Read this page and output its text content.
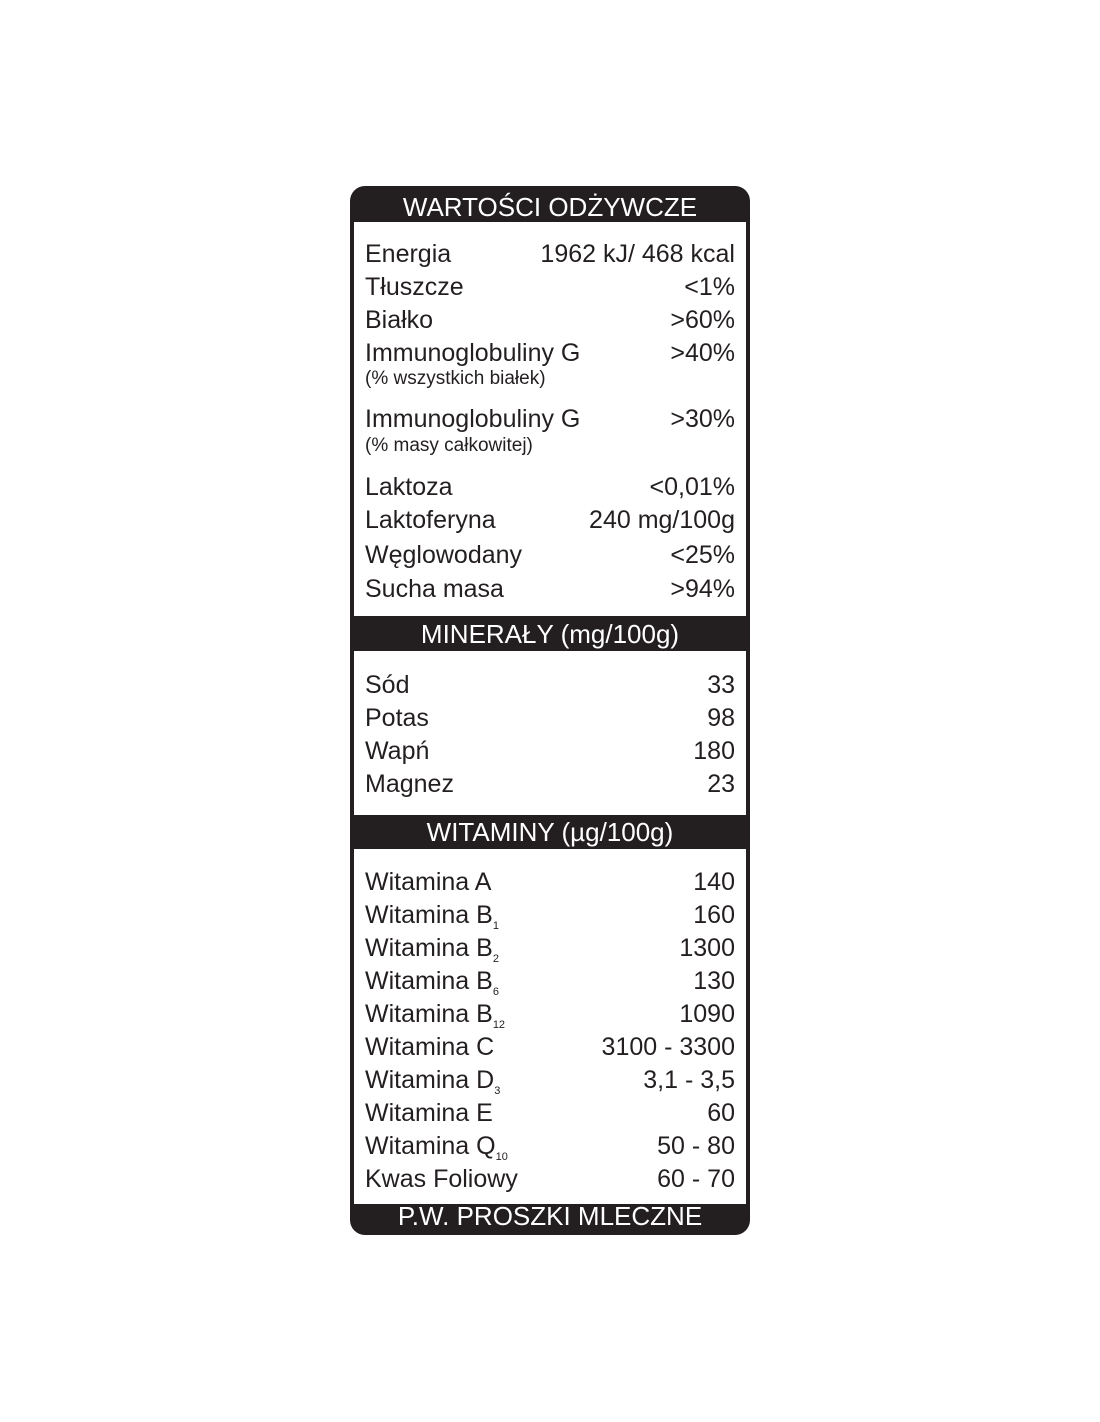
WARTOŚCI ODŻYWCZE
Energia	1962 kJ/ 468 kcal
Tłuszcze	<1%
Białko	>60%
Immunoglobuliny G	>40%
(% wszystkich białek)
Immunoglobuliny G	>30%
(% masy całkowitej)
Laktoza	<0,01%
Laktoferyna	240 mg/100g
Węglowodany	<25%
Sucha masa	>94%
MINERAŁY (mg/100g)
Sód	33
Potas	98
Wapń	180
Magnez	23
WITAMINY (µg/100g)
Witamina A	140
Witamina $B_1$	160
Witamina $B_2$	1300
Witamina $B_6$	130
Witamina $B_{12}$	1090
Witamina C	3100 - 3300
Witamina $D_3$	3,1 - 3,5
Witamina E	60
Witamina $Q_{10}$	50 - 80
Kwas Foliowy	60 - 70
P.W. PROSZKI MLECZNE
